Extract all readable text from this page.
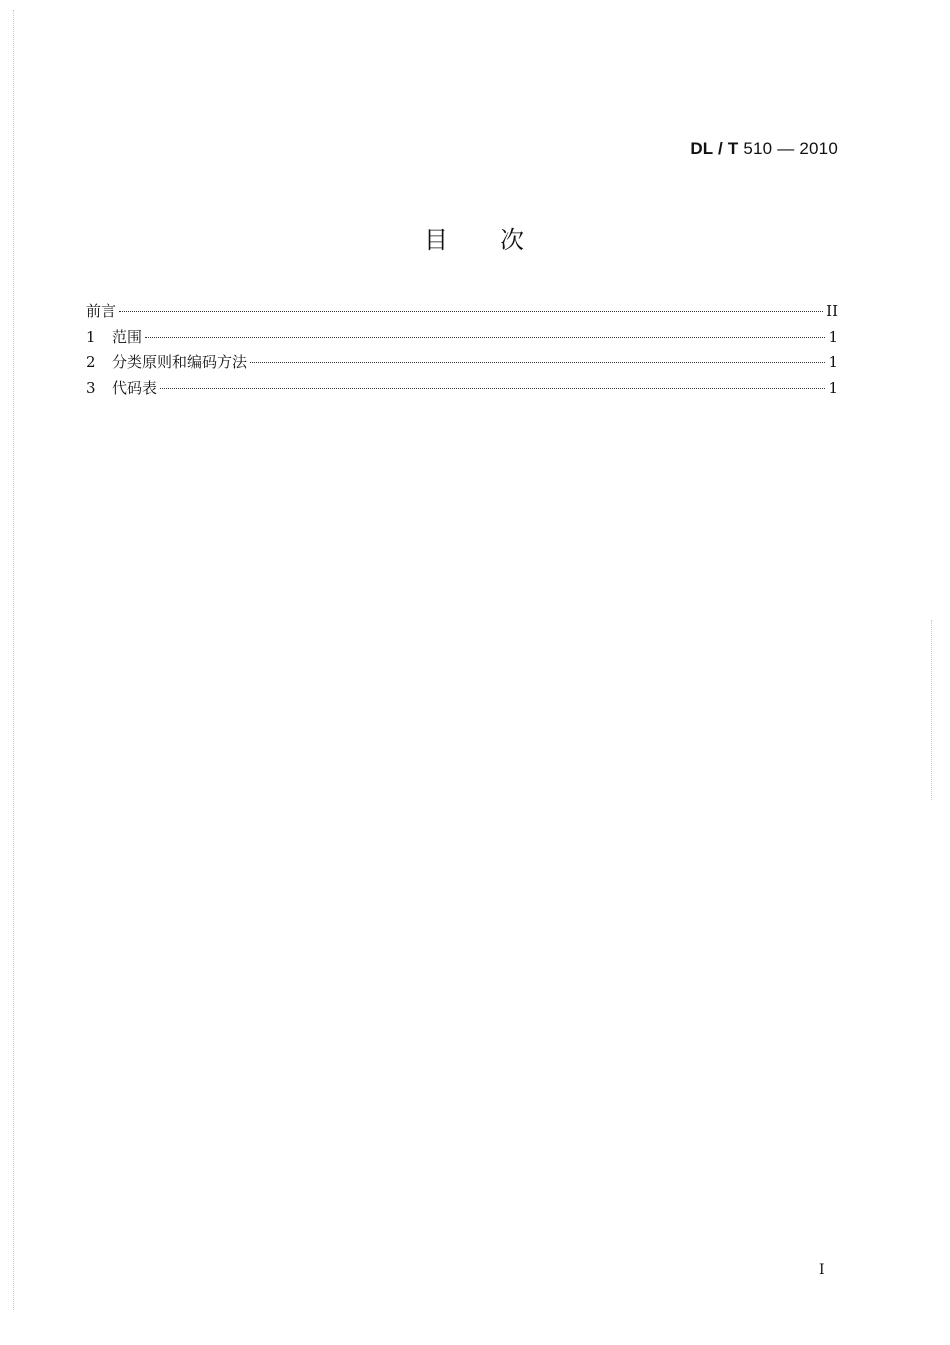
DL / T 510 — 2010
目 次
前言	II
1	范围	1
2	分类原则和编码方法	1
3	代码表	1
I
